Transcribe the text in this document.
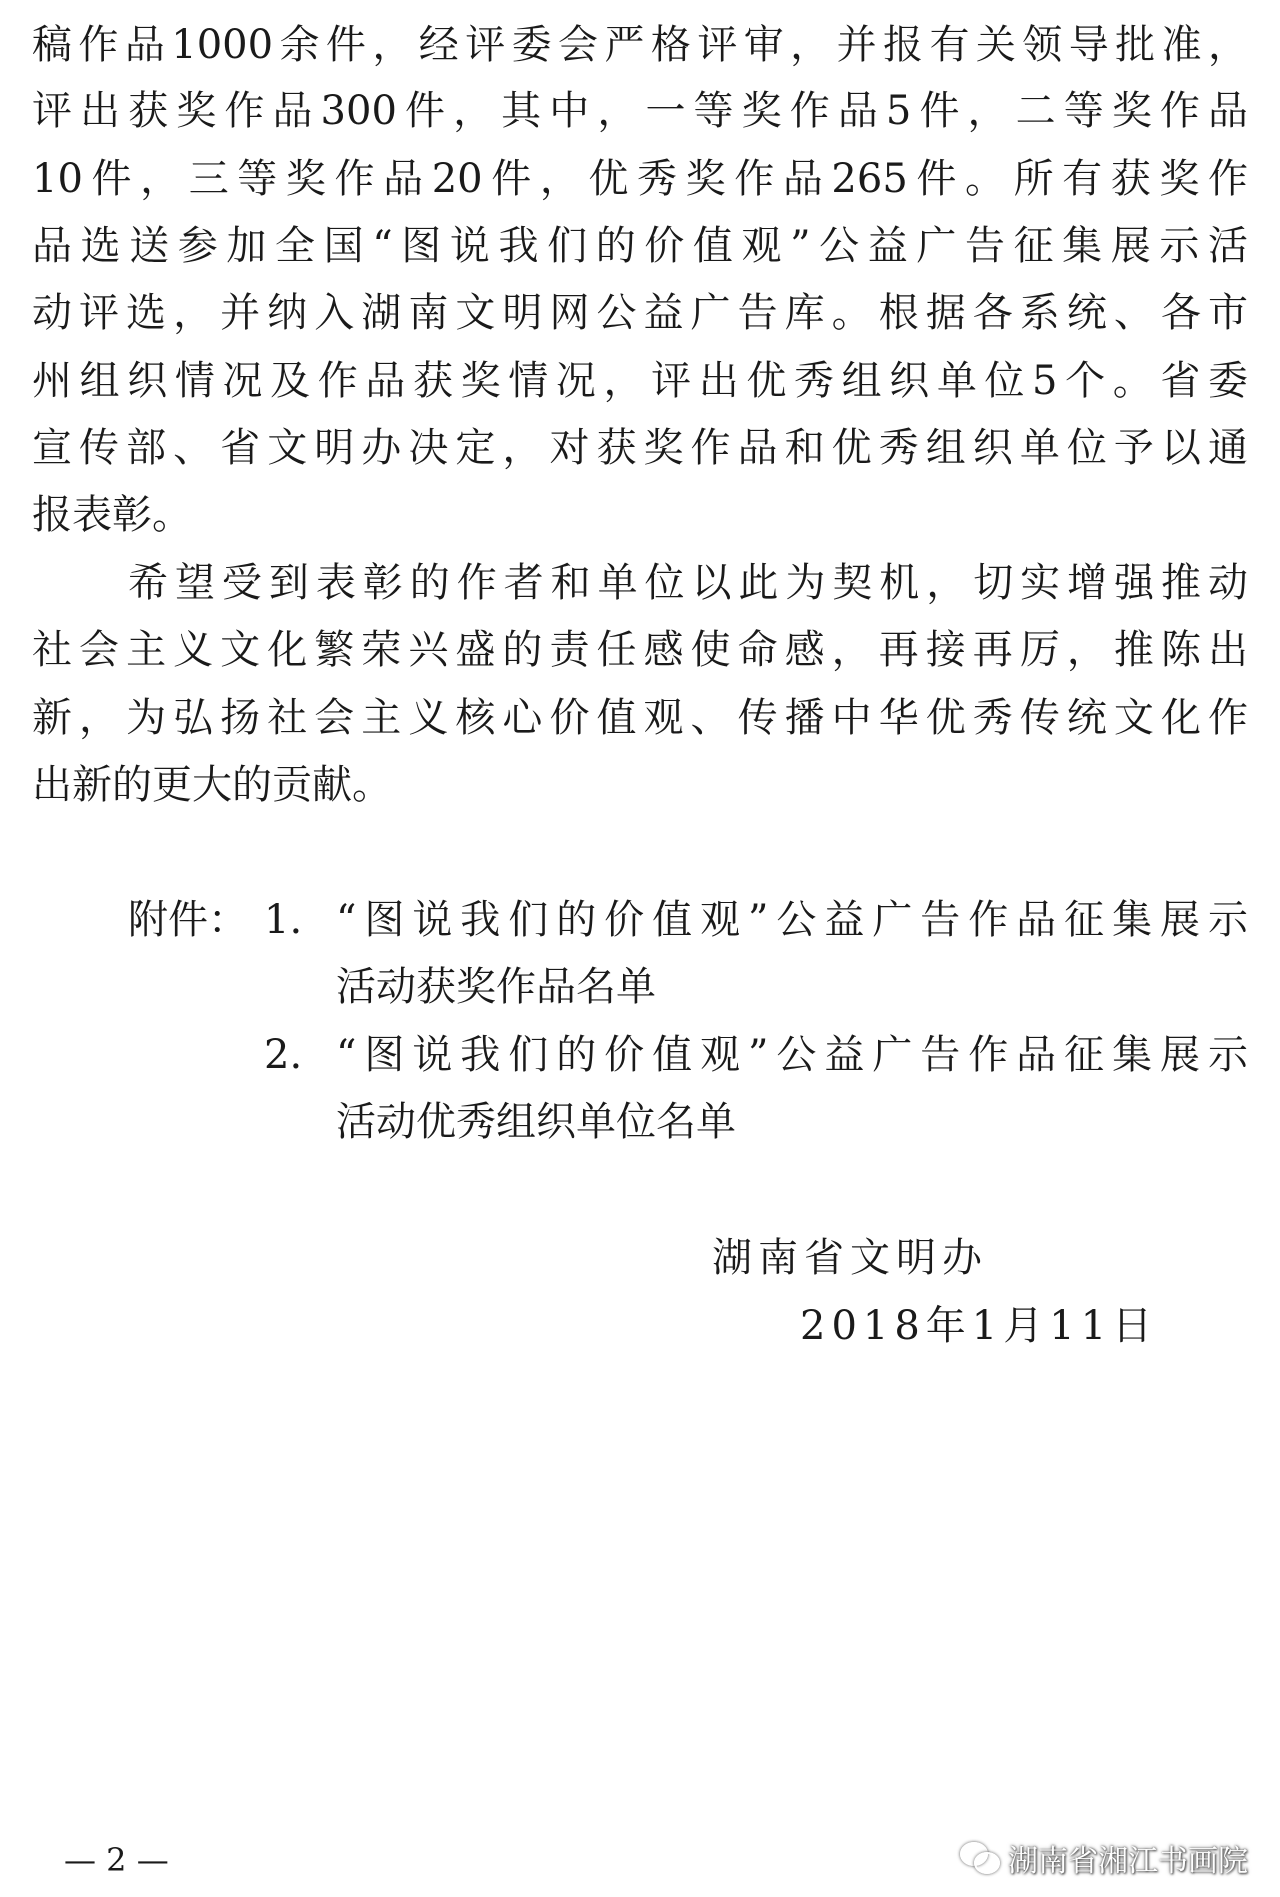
稿作品1000余件，经评委会严格评审，并报有关领导批准，
评出获奖作品300件，其中，一等奖作品5件，二等奖作品
10件，三等奖作品20件，优秀奖作品265件。所有获奖作
品选送参加全国“图说我们的价值观”公益广告征集展示活
动评选，并纳入湖南文明网公益广告库。根据各系统、各市
州组织情况及作品获奖情况，评出优秀组织单位5个。省委
宣传部、省文明办决定，对获奖作品和优秀组织单位予以通
报表彰。
希望受到表彰的作者和单位以此为契机，切实增强推动
社会主义文化繁荣兴盛的责任感使命感，再接再厉，推陈出
新，为弘扬社会主义核心价值观、传播中华优秀传统文化作
出新的更大的贡献。
附件： 1. “图说我们的价值观”公益广告作品征集展示
活动获奖作品名单
2. “图说我们的价值观”公益广告作品征集展示
活动优秀组织单位名单
湖南省文明办
2018年1月11日
— 2 —	湖南省湘江书画院
